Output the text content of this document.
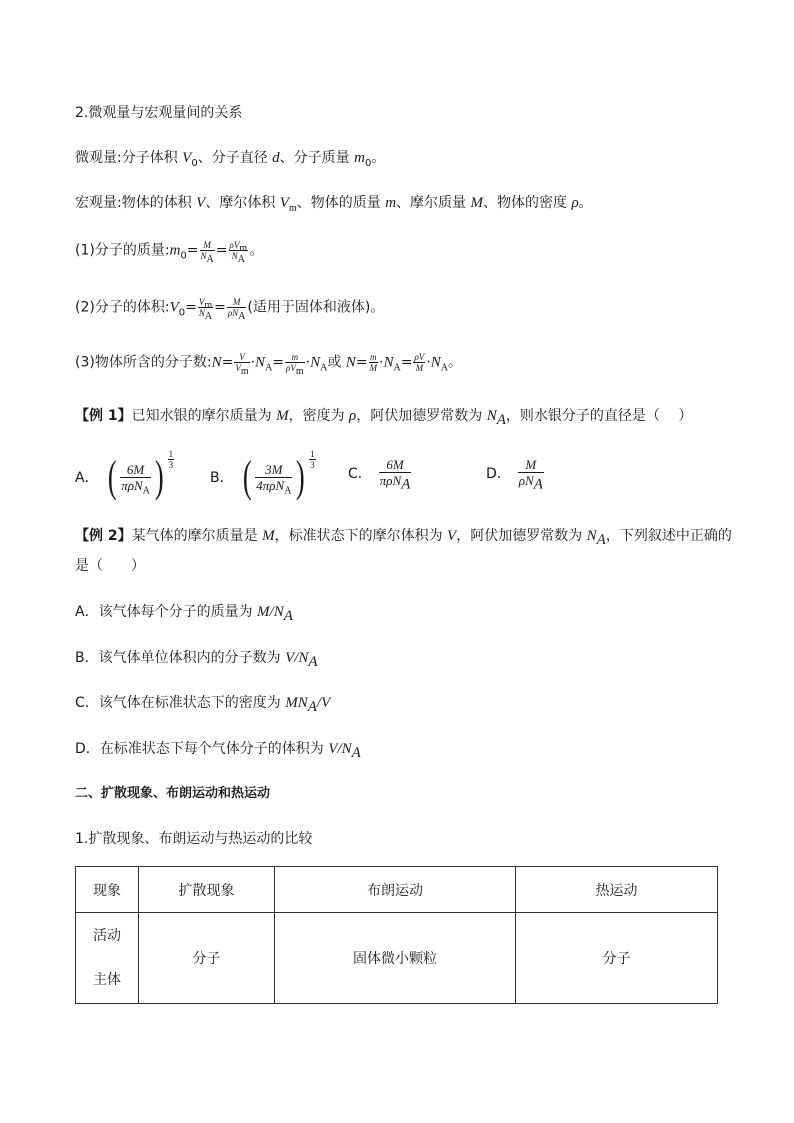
2.微观量与宏观量间的关系
微观量:分子体积 $V_0$、分子直径 d、分子质量 $m_0$。
宏观量:物体的体积 V、摩尔体积 $V_m$、物体的质量 m、摩尔质量 M、物体的密度 ρ。
(1)分子的质量$:m_0= \frac{M}{N_A} = \frac{\rho V_m}{N_A}$ 。
(2)分子的体积$:V_0= \frac{V_m}{N_A} = \frac{M}{\rho N_A}$ (适用于固体和液体)。
(3)物体所含的分子数:N= $\frac{V}{V_m} \cdot N_A= \frac{m}{\rho V_m} \cdot N_A$或 $N= \frac{m}{M} \cdot N_A= \frac{\rho V}{M} \cdot N_A$。
【例 1】已知水银的摩尔质量为 M，密度为 ρ，阿伏加德罗常数为 $N_A$，则水银分子的直径是（　 ）
A． ( $\frac{6M}{\pi\rho N_A}$ ) $\frac{1}{3}$
B． ( $\frac{3M}{4\pi\rho N_A}$ ) $\frac{1}{3}$
C． $\frac{6M}{\pi\rho N_A}$	D． $\frac{M}{\rho N_A}$
【例 2】某气体的摩尔质量是 M，标准状态下的摩尔体积为 V，阿伏加德罗常数为 $N_A$，下列叙述中正确的
是（　　）
A．该气体每个分子的质量为 $M/N_A$
B．该气体单位体积内的分子数为 $V/N_A$
C．该气体在标准状态下的密度为 $MN_A/V$
D．在标准状态下每个气体分子的体积为 $V/N_A$
二、扩散现象、布朗运动和热运动
1.扩散现象、布朗运动与热运动的比较
现象	扩散现象	布朗运动	热运动
活动
主体	分子	固体微小颗粒	分子
